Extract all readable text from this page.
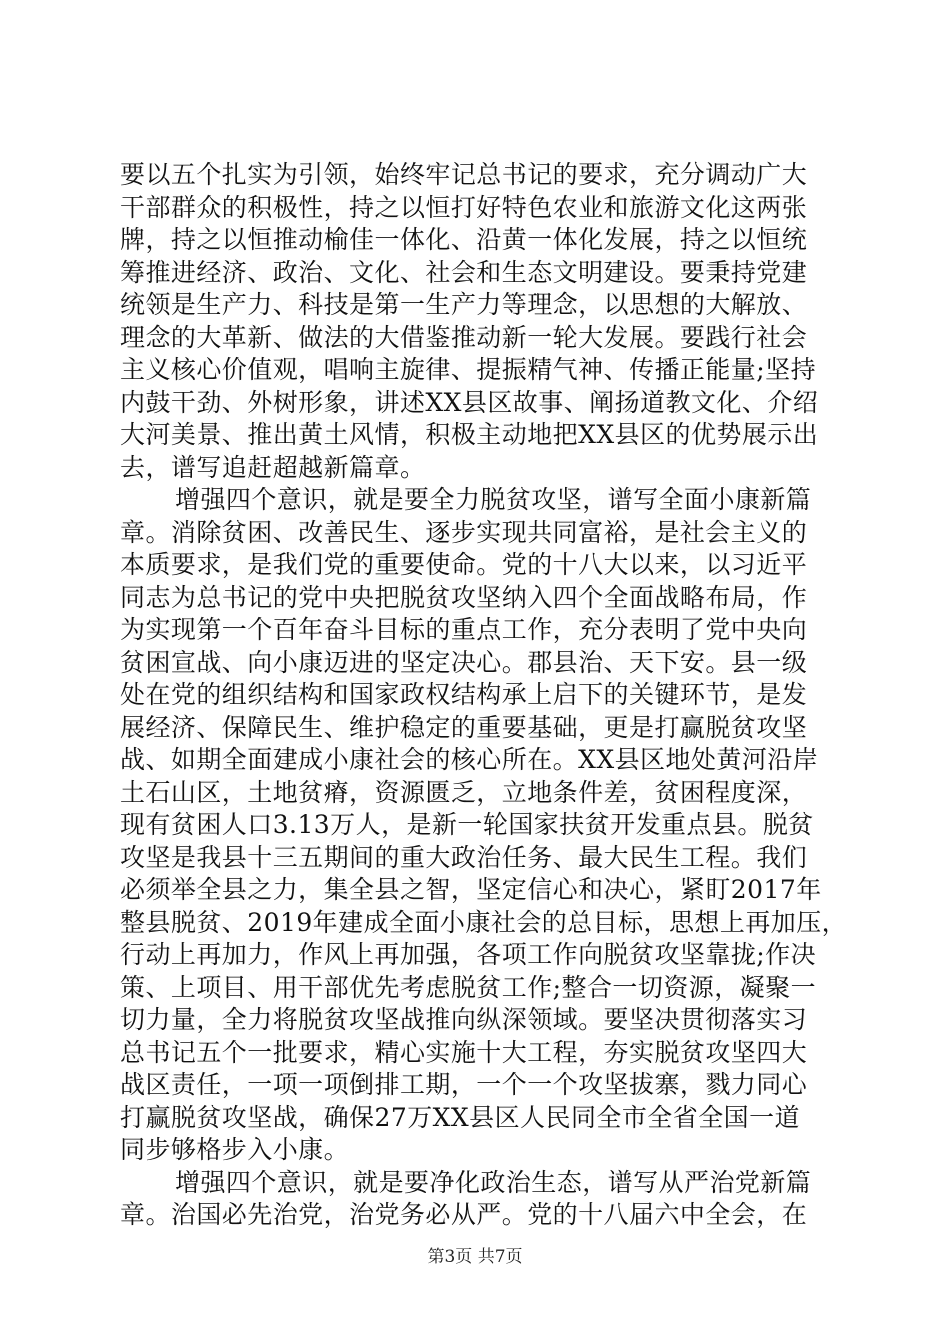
要以五个扎实为引领，始终牢记总书记的要求，充分调动广大
干部群众的积极性，持之以恒打好特色农业和旅游文化这两张
牌，持之以恒推动榆佳一体化、沿黄一体化发展，持之以恒统
筹推进经济、政治、文化、社会和生态文明建设。要秉持党建
统领是生产力、科技是第一生产力等理念，以思想的大解放、
理念的大革新、做法的大借鉴推动新一轮大发展。要践行社会
主义核心价值观，唱响主旋律、提振精气神、传播正能量;坚持
内鼓干劲、外树形象，讲述XX县区故事、阐扬道教文化、介绍
大河美景、推出黄土风情，积极主动地把XX县区的优势展示出
去，谱写追赶超越新篇章。
增强四个意识，就是要全力脱贫攻坚，谱写全面小康新篇
章。消除贫困、改善民生、逐步实现共同富裕，是社会主义的
本质要求，是我们党的重要使命。党的十八大以来，以习近平
同志为总书记的党中央把脱贫攻坚纳入四个全面战略布局，作
为实现第一个百年奋斗目标的重点工作，充分表明了党中央向
贫困宣战、向小康迈进的坚定决心。郡县治、天下安。县一级
处在党的组织结构和国家政权结构承上启下的关键环节，是发
展经济、保障民生、维护稳定的重要基础，更是打赢脱贫攻坚
战、如期全面建成小康社会的核心所在。XX县区地处黄河沿岸
土石山区，土地贫瘠，资源匮乏，立地条件差，贫困程度深，
现有贫困人口3.13万人，是新一轮国家扶贫开发重点县。脱贫
攻坚是我县十三五期间的重大政治任务、最大民生工程。我们
必须举全县之力，集全县之智，坚定信心和决心，紧盯2017年
整县脱贫、2019年建成全面小康社会的总目标，思想上再加压，
行动上再加力，作风上再加强，各项工作向脱贫攻坚靠拢;作决
策、上项目、用干部优先考虑脱贫工作;整合一切资源，凝聚一
切力量，全力将脱贫攻坚战推向纵深领域。要坚决贯彻落实习
总书记五个一批要求，精心实施十大工程，夯实脱贫攻坚四大
战区责任，一项一项倒排工期，一个一个攻坚拔寨，戮力同心
打赢脱贫攻坚战，确保27万XX县区人民同全市全省全国一道
同步够格步入小康。
增强四个意识，就是要净化政治生态，谱写从严治党新篇
章。治国必先治党，治党务必从严。党的十八届六中全会，在
第3页 共7页
